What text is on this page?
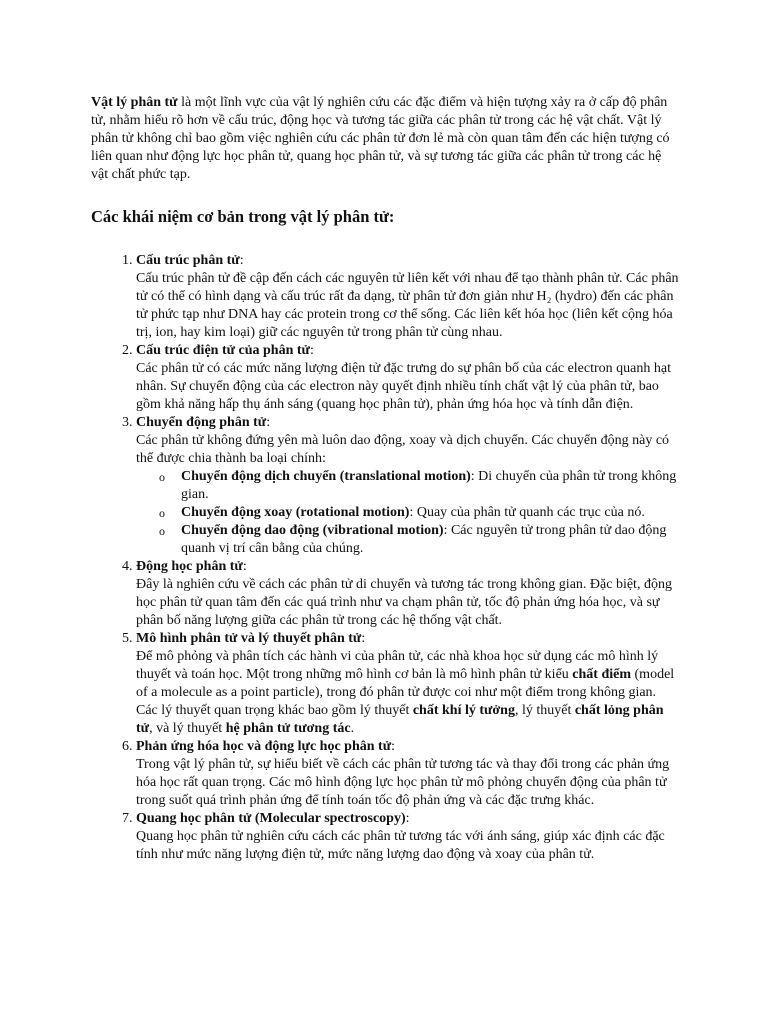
Vật lý phân tử là một lĩnh vực của vật lý nghiên cứu các đặc điểm và hiện tượng xảy ra ở cấp độ phân tử, nhằm hiểu rõ hơn về cấu trúc, động học và tương tác giữa các phân tử trong các hệ vật chất. Vật lý phân tử không chỉ bao gồm việc nghiên cứu các phân tử đơn lẻ mà còn quan tâm đến các hiện tượng có liên quan như động lực học phân tử, quang học phân tử, và sự tương tác giữa các phân tử trong các hệ vật chất phức tạp.

Các khái niệm cơ bản trong vật lý phân tử:
1. Cấu trúc phân tử:
Cấu trúc phân tử đề cập đến cách các nguyên tử liên kết với nhau để tạo thành phân tử. Các phân tử có thể có hình dạng và cấu trúc rất đa dạng, từ phân tử đơn giản như H₂ (hydro) đến các phân tử phức tạp như DNA hay các protein trong cơ thể sống. Các liên kết hóa học (liên kết cộng hóa trị, ion, hay kim loại) giữ các nguyên tử trong phân tử cùng nhau.
2. Cấu trúc điện tử của phân tử:
Các phân tử có các mức năng lượng điện tử đặc trưng do sự phân bố của các electron quanh hạt nhân. Sự chuyển động của các electron này quyết định nhiều tính chất vật lý của phân tử, bao gồm khả năng hấp thụ ánh sáng (quang học phân tử), phản ứng hóa học và tính dẫn điện.
3. Chuyển động phân tử:
Các phân tử không đứng yên mà luôn dao động, xoay và dịch chuyển. Các chuyển động này có thể được chia thành ba loại chính:
o Chuyển động dịch chuyển (translational motion): Di chuyển của phân tử trong không gian.
o Chuyển động xoay (rotational motion): Quay của phân tử quanh các trục của nó.
o Chuyển động dao động (vibrational motion): Các nguyên tử trong phân tử dao động quanh vị trí cân bằng của chúng.
4. Động học phân tử:
Đây là nghiên cứu về cách các phân tử di chuyển và tương tác trong không gian. Đặc biệt, động học phân tử quan tâm đến các quá trình như va chạm phân tử, tốc độ phản ứng hóa học, và sự phân bố năng lượng giữa các phân tử trong các hệ thống vật chất.
5. Mô hình phân tử và lý thuyết phân tử:
Để mô phỏng và phân tích các hành vi của phân tử, các nhà khoa học sử dụng các mô hình lý thuyết và toán học. Một trong những mô hình cơ bản là mô hình phân tử kiểu chất điểm (model of a molecule as a point particle), trong đó phân tử được coi như một điểm trong không gian. Các lý thuyết quan trọng khác bao gồm lý thuyết chất khí lý tưởng, lý thuyết chất lỏng phân tử, và lý thuyết hệ phân tử tương tác.
6. Phản ứng hóa học và động lực học phân tử:
Trong vật lý phân tử, sự hiểu biết về cách các phân tử tương tác và thay đổi trong các phản ứng hóa học rất quan trọng. Các mô hình động lực học phân tử mô phỏng chuyển động của phân tử trong suốt quá trình phản ứng để tính toán tốc độ phản ứng và các đặc trưng khác.
7. Quang học phân tử (Molecular spectroscopy):
Quang học phân tử nghiên cứu cách các phân tử tương tác với ánh sáng, giúp xác định các đặc tính như mức năng lượng điện tử, mức năng lượng dao động và xoay của phân tử.
